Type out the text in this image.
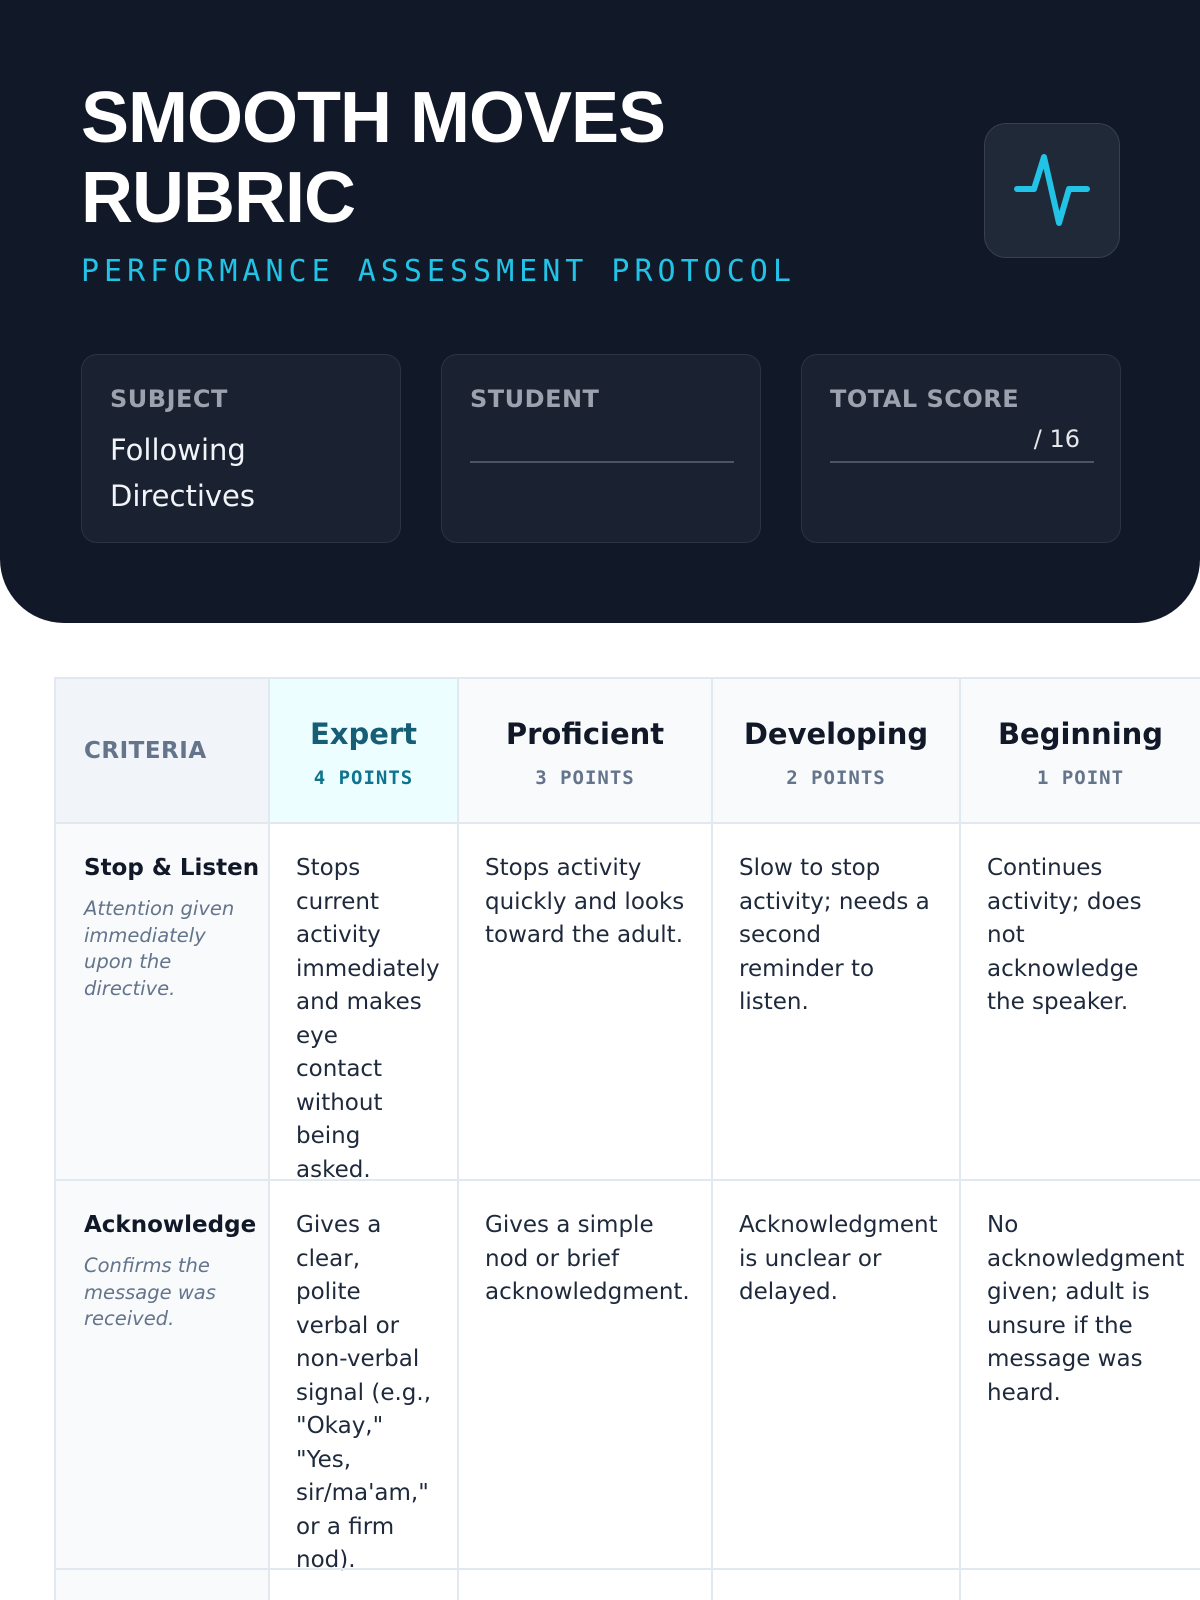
SMOOTH MOVES RUBRIC
PERFORMANCE ASSESSMENT PROTOCOL
SUBJECT
Following Directives
STUDENT	TOTAL SCORE
/ 16
CRITERIA	Expert
4 POINTS
Proficient
3 POINTS
Developing
2 POINTS
Beginning
1 POINT
Stop & Listen
Attention given immediately upon the directive.
Stops current activity immediately and makes eye contact without being asked.
Stops activity quickly and looks toward the adult.
Slow to stop activity; needs a second reminder to listen.
Continues activity; does not acknowledge the speaker.
Acknowledge
Confirms the message was received.
Gives a clear, polite verbal or non-verbal signal (e.g., "Okay," "Yes, sir/ma'am," or a firm nod).
Gives a simple nod or brief acknowledgment.
Acknowledgment is unclear or delayed.
No acknowledgment given; adult is unsure if the message was heard.
